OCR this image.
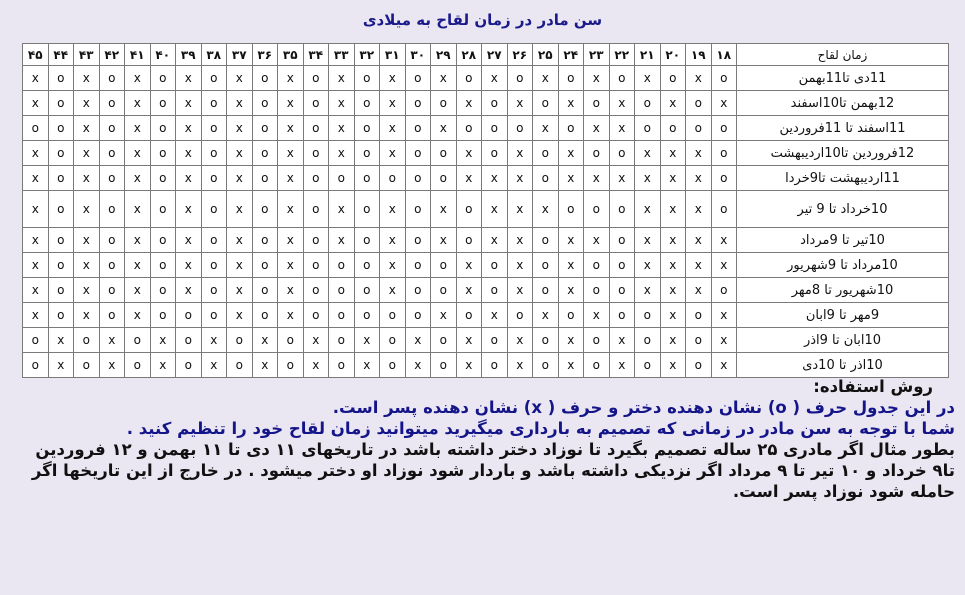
سن مادر در زمان لقاح به میلادی
زمان لقاح	۱۸	۱۹	۲۰	۲۱	۲۲	۲۳	۲۴	۲۵	۲۶	۲۷	۲۸	۲۹	۳۰	۳۱	۳۲	۳۳	۳۴	۳۵	۳۶	۳۷	۳۸	۳۹	۴۰	۴۱	۴۲	۴۳	۴۴	۴۵
11دی تا11بهمن	o	x	o	x	o	x	o	x	o	x	o	x	o	x	o	x	o	x	o	x	o	x	o	x	o	x	o	x
12بهمن تا10اسفند	x	o	x	o	x	o	x	o	x	o	x	o	o	x	o	x	o	x	o	x	o	x	o	x	o	x	o	x
11اسفند تا 11فروردین	o	o	o	o	x	x	o	x	o	o	o	x	o	x	o	x	o	x	o	x	o	x	o	x	o	x	o	o
12فروردین تا10اردیبهشت	o	x	x	x	o	o	x	o	x	o	x	o	o	x	o	x	o	x	o	x	o	x	o	x	o	x	o	x
11اردیبهشت تا9خردا	o	x	x	x	x	x	x	o	x	x	x	o	o	o	o	o	o	x	o	x	o	x	o	x	o	x	o	x
10خرداد تا 9 تیر	o	x	x	x	o	o	o	x	x	x	o	x	o	x	o	x	o	x	o	x	o	x	o	x	o	x	o	x
10تیر تا 9مرداد	x	x	x	x	o	x	x	o	x	x	o	x	o	x	o	x	o	x	o	x	o	x	o	x	o	x	o	x
10مرداد تا 9شهریور	x	x	x	x	o	o	x	o	x	o	x	o	o	x	o	o	o	x	o	x	o	x	o	x	o	x	o	x
10شهریور تا 8مهر	o	x	x	x	o	o	x	o	x	o	x	o	o	x	o	o	o	x	o	x	o	x	o	x	o	x	o	x
9مهر تا 9ابان	x	o	x	o	o	x	o	x	o	x	o	x	o	o	o	o	o	x	o	x	o	o	o	x	o	x	o	x
10ابان تا 9اذر	x	o	x	o	x	o	x	o	x	o	x	o	x	o	x	o	x	o	x	o	x	o	x	o	x	o	x	o
10اذر تا 10دی	x	o	x	o	x	o	x	o	x	o	x	o	x	o	x	o	x	o	x	o	x	o	x	o	x	o	x	o

روش استفاده:

در این جدول حرف ( o) نشان دهنده دختر و حرف ( x) نشان دهنده پسر است.

شما با توجه به سن مادر در زمانی که تصمیم به بارداری میگیرید میتوانید زمان لقاح خود را تنظیم کنید .

بطور مثال اگر مادری ۲۵ ساله تصمیم بگیرد تا نوزاد دختر داشته باشد در تاریخهای ۱۱ دی تا ۱۱ بهمن و ۱۲ فروردین تا۹ خرداد و ۱۰ تیر تا ۹ مرداد اگر نزدیکی داشته باشد و باردار شود نوزاد او دختر میشود . در خارج از این تاریخها اگر حامله شود نوزاد پسر است.
